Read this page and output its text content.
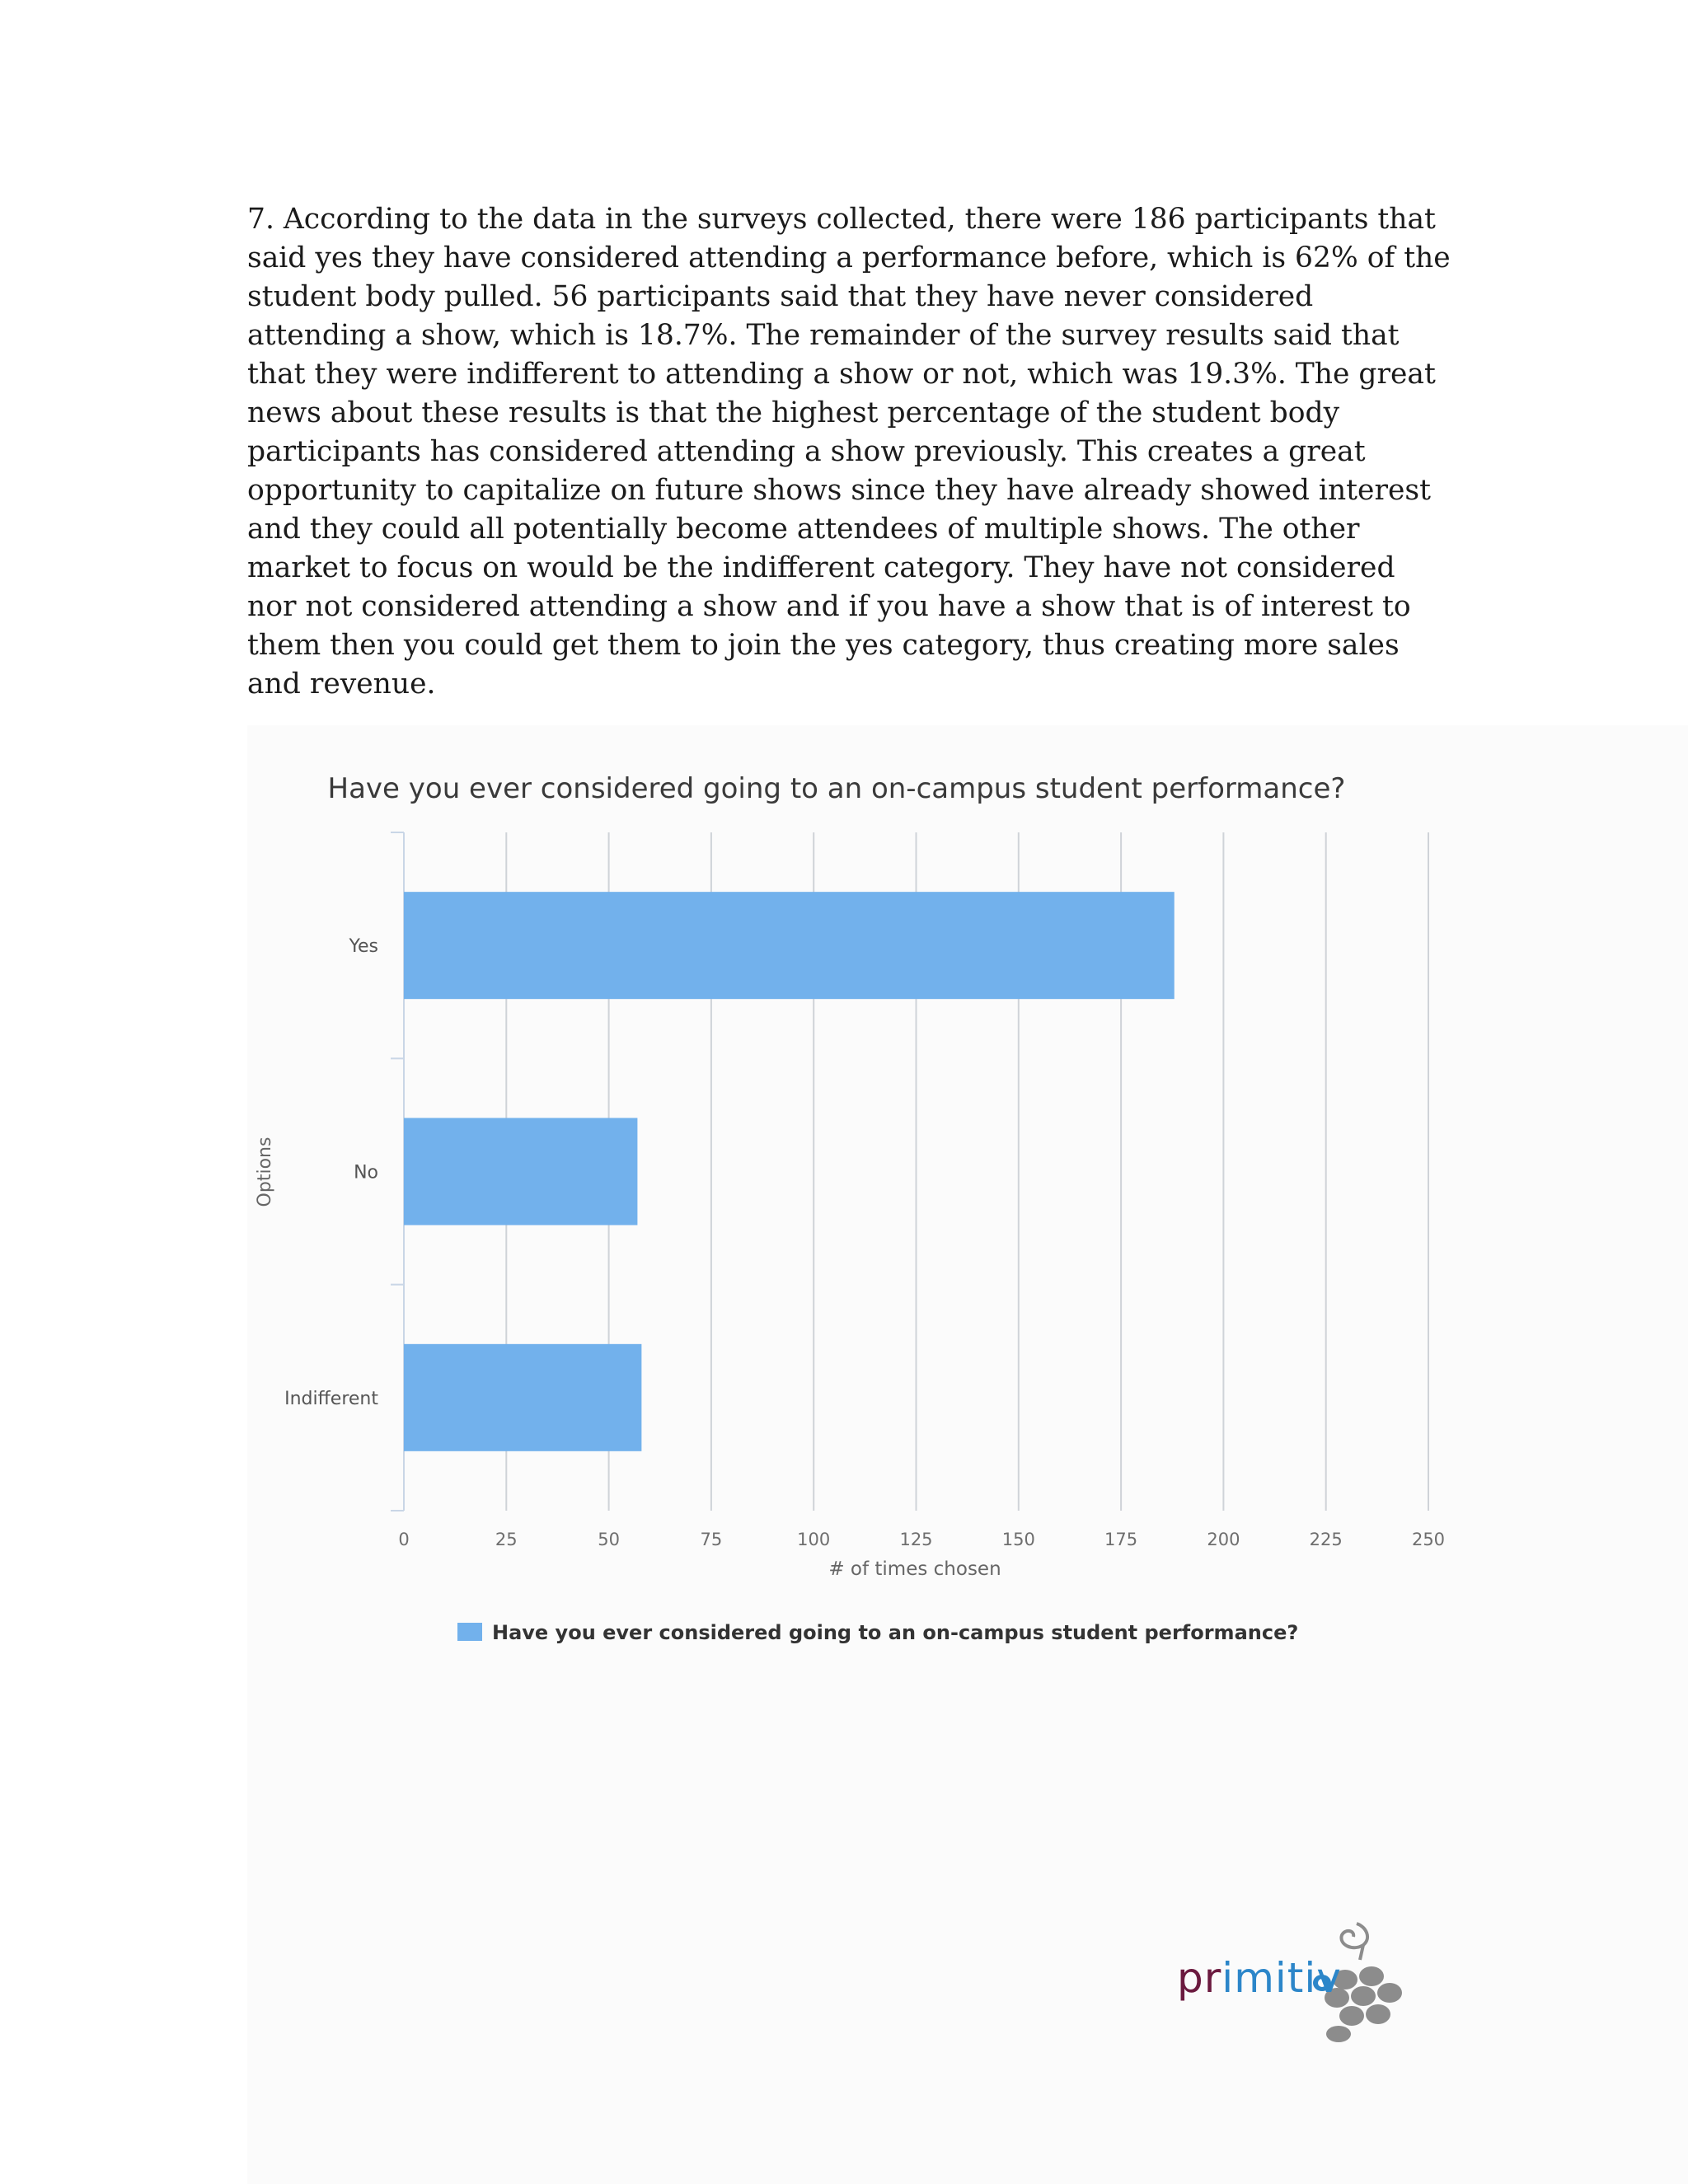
7. According to the data in the surveys collected, there were 186 participants that said yes they have considered attending a performance before, which is 62% of the student body pulled. 56 participants said that they have never considered attending a show, which is 18.7%. The remainder of the survey results said that that they were indifferent to attending a show or not, which was 19.3%. The great news about these results is that the highest percentage of the student body participants has considered attending a show previously. This creates a great opportunity to capitalize on future shows since they have already showed interest and they could all potentially become attendees of multiple shows. The other market to focus on would be the indifferent category. They have not considered nor not considered attending a show and if you have a show that is of interest to them then you could get them to join the yes category, thus creating more sales and revenue.

Have you ever considered going to an on-campus student performance?
Yes
No
Indifferent
0	25	50	75	100	125	150	175	200	225	250
# of times chosen
Options
Have you ever considered going to an on-campus student performance?
primitiv
